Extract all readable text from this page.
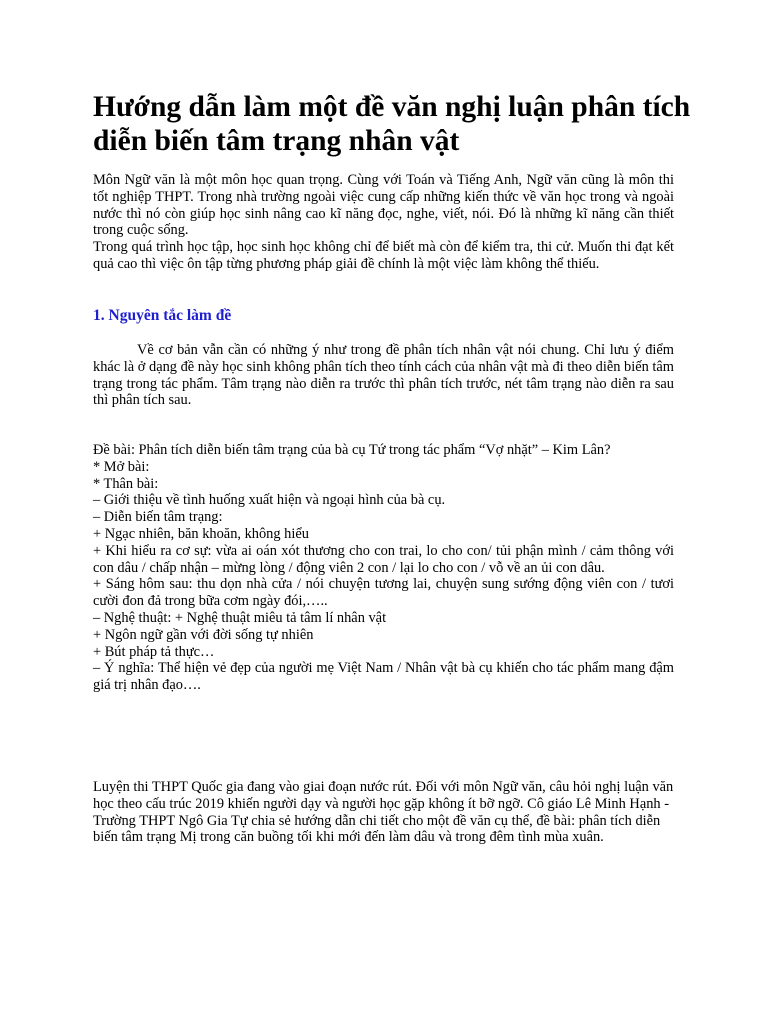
Hướng dẫn làm một đề văn nghị luận phân tích diễn biến tâm trạng nhân vật

Môn Ngữ văn là một môn học quan trọng. Cùng với Toán và Tiếng Anh, Ngữ văn cũng là môn thi tốt nghiệp THPT. Trong nhà trường ngoài việc cung cấp những kiến thức về văn học trong và ngoài nước thì nó còn giúp học sinh nâng cao kĩ năng đọc, nghe, viết, nói. Đó là những kĩ năng cần thiết trong cuộc sống.

Trong quá trình học tập, học sinh học không chỉ để biết mà còn để kiểm tra, thi cử. Muốn thi đạt kết quả cao thì việc ôn tập từng phương pháp giải đề chính là một việc làm không thể thiếu.

1. Nguyên tắc làm đề

Về cơ bản vẫn cần có những ý như trong đề phân tích nhân vật nói chung. Chỉ lưu ý điểm khác là ở dạng đề này học sinh không phân tích theo tính cách của nhân vật mà đi theo diễn biến tâm trạng trong tác phẩm. Tâm trạng nào diễn ra trước thì phân tích trước, nét tâm trạng nào diễn ra sau thì phân tích sau.

Đề bài: Phân tích diễn biến tâm trạng của bà cụ Tứ trong tác phẩm “Vợ nhặt” – Kim Lân?
* Mở bài:
* Thân bài:
– Giới thiệu về tình huống xuất hiện và ngoại hình của bà cụ.
– Diễn biến tâm trạng:
+ Ngạc nhiên, băn khoăn, không hiểu
+ Khi hiểu ra cơ sự: vừa ai oán xót thương cho con trai, lo cho con/ tủi phận mình / cảm thông với con dâu / chấp nhận – mừng lòng / động viên 2 con / lại lo cho con / vỗ về an ủi con dâu.
+ Sáng hôm sau: thu dọn nhà cửa / nói chuyện tương lai, chuyện sung sướng động viên con / tươi cười đon đả trong bữa cơm ngày đói,…..
– Nghệ thuật: + Nghệ thuật miêu tả tâm lí nhân vật
+ Ngôn ngữ gần với đời sống tự nhiên
+ Bút pháp tả thực…
– Ý nghĩa: Thể hiện vẻ đẹp của người mẹ Việt Nam / Nhân vật bà cụ khiến cho tác phẩm mang đậm giá trị nhân đạo….

Luyện thi THPT Quốc gia đang vào giai đoạn nước rút. Đối với môn Ngữ văn, câu hỏi nghị luận văn học theo cấu trúc 2019 khiến người dạy và người học gặp không ít bỡ ngỡ. Cô giáo Lê Minh Hạnh - Trường THPT Ngô Gia Tự chia sẻ hướng dẫn chi tiết cho một đề văn cụ thể, đề bài: phân tích diễn biến tâm trạng Mị trong căn buồng tối khi mới đến làm dâu và trong đêm tình mùa xuân.
